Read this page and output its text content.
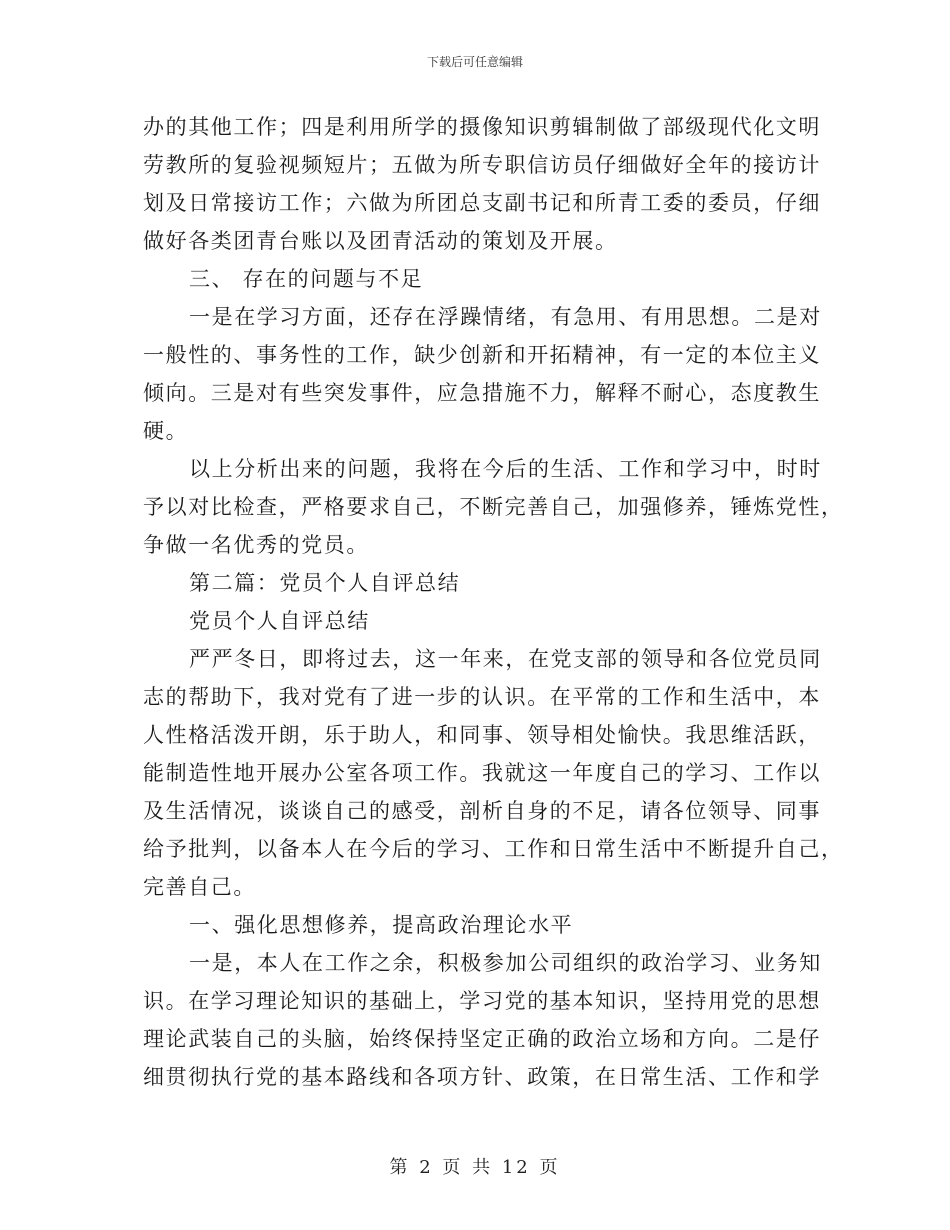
下载后可任意编辑

办的其他工作；四是利用所学的摄像知识剪辑制做了部级现代化文明

劳教所的复验视频短片；五做为所专职信访员仔细做好全年的接访计

划及日常接访工作；六做为所团总支副书记和所青工委的委员，仔细

做好各类团青台账以及团青活动的策划及开展。

三、 存在的问题与不足

一是在学习方面，还存在浮躁情绪，有急用、有用思想。二是对

一般性的、事务性的工作，缺少创新和开拓精神，有一定的本位主义

倾向。三是对有些突发事件，应急措施不力，解释不耐心，态度教生

硬。

以上分析出来的问题，我将在今后的生活、工作和学习中，时时

予以对比检查，严格要求自己，不断完善自己，加强修养，锤炼党性，

争做一名优秀的党员。

第二篇：党员个人自评总结

党员个人自评总结

严严冬日，即将过去，这一年来，在党支部的领导和各位党员同

志的帮助下，我对党有了进一步的认识。在平常的工作和生活中，本

人性格活泼开朗，乐于助人，和同事、领导相处愉快。我思维活跃，

能制造性地开展办公室各项工作。我就这一年度自己的学习、工作以

及生活情况，谈谈自己的感受，剖析自身的不足，请各位领导、同事

给予批判，以备本人在今后的学习、工作和日常生活中不断提升自己，

完善自己。

一、强化思想修养，提高政治理论水平

一是，本人在工作之余，积极参加公司组织的政治学习、业务知

识。在学习理论知识的基础上，学习党的基本知识，坚持用党的思想

理论武装自己的头脑，始终保持坚定正确的政治立场和方向。二是仔

细贯彻执行党的基本路线和各项方针、政策，在日常生活、工作和学

第 2 页 共 12 页
